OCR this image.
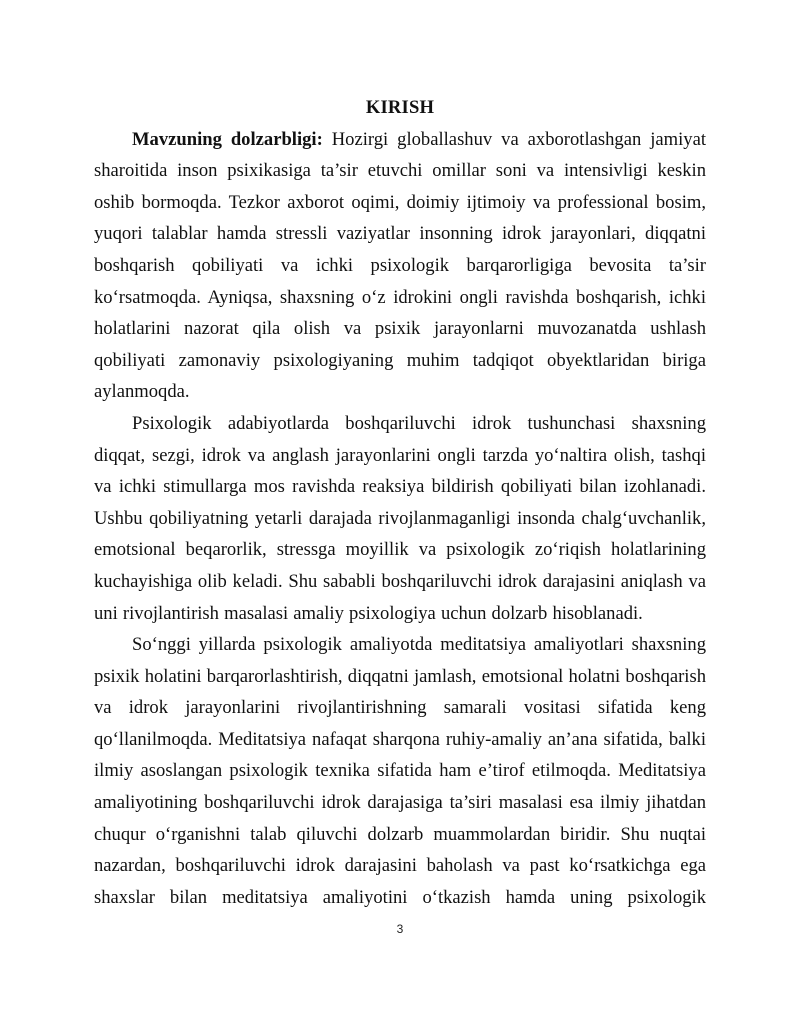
KIRISH

Mavzuning dolzarbligi: Hozirgi globallashuv va axborotlashgan jamiyat sharoitida inson psixikasiga ta’sir etuvchi omillar soni va intensivligi keskin oshib bormoqda. Tezkor axborot oqimi, doimiy ijtimoiy va professional bosim, yuqori talablar hamda stressli vaziyatlar insonning idrok jarayonlari, diqqatni boshqarish qobiliyati va ichki psixologik barqarorligiga bevosita ta’sir ko‘rsatmoqda. Ayniqsa, shaxsning o‘z idrokini ongli ravishda boshqarish, ichki holatlarini nazorat qila olish va psixik jarayonlarni muvozanatda ushlash qobiliyati zamonaviy psixologiyaning muhim tadqiqot obyektlaridan biriga aylanmoqda.

Psixologik adabiyotlarda boshqariluvchi idrok tushunchasi shaxsning diqqat, sezgi, idrok va anglash jarayonlarini ongli tarzda yo‘naltira olish, tashqi va ichki stimullarga mos ravishda reaksiya bildirish qobiliyati bilan izohlanadi. Ushbu qobiliyatning yetarli darajada rivojlanmaganligi insonda chalg‘uvchanlik, emotsional beqarorlik, stressga moyillik va psixologik zo‘riqish holatlarining kuchayishiga olib keladi. Shu sababli boshqariluvchi idrok darajasini aniqlash va uni rivojlantirish masalasi amaliy psixologiya uchun dolzarb hisoblanadi.

So‘nggi yillarda psixologik amaliyotda meditatsiya amaliyotlari shaxsning psixik holatini barqarorlashtirish, diqqatni jamlash, emotsional holatni boshqarish va idrok jarayonlarini rivojlantirishning samarali vositasi sifatida keng qo‘llanilmoqda. Meditatsiya nafaqat sharqona ruhiy-amaliy an’ana sifatida, balki ilmiy asoslangan psixologik texnika sifatida ham e’tirof etilmoqda. Meditatsiya amaliyotining boshqariluvchi idrok darajasiga ta’siri masalasi esa ilmiy jihatdan chuqur o‘rganishni talab qiluvchi dolzarb muammolardan biridir. Shu nuqtai nazardan, boshqariluvchi idrok darajasini baholash va past ko‘rsatkichga ega shaxslar bilan meditatsiya amaliyotini o‘tkazish hamda uning psixologik

3
